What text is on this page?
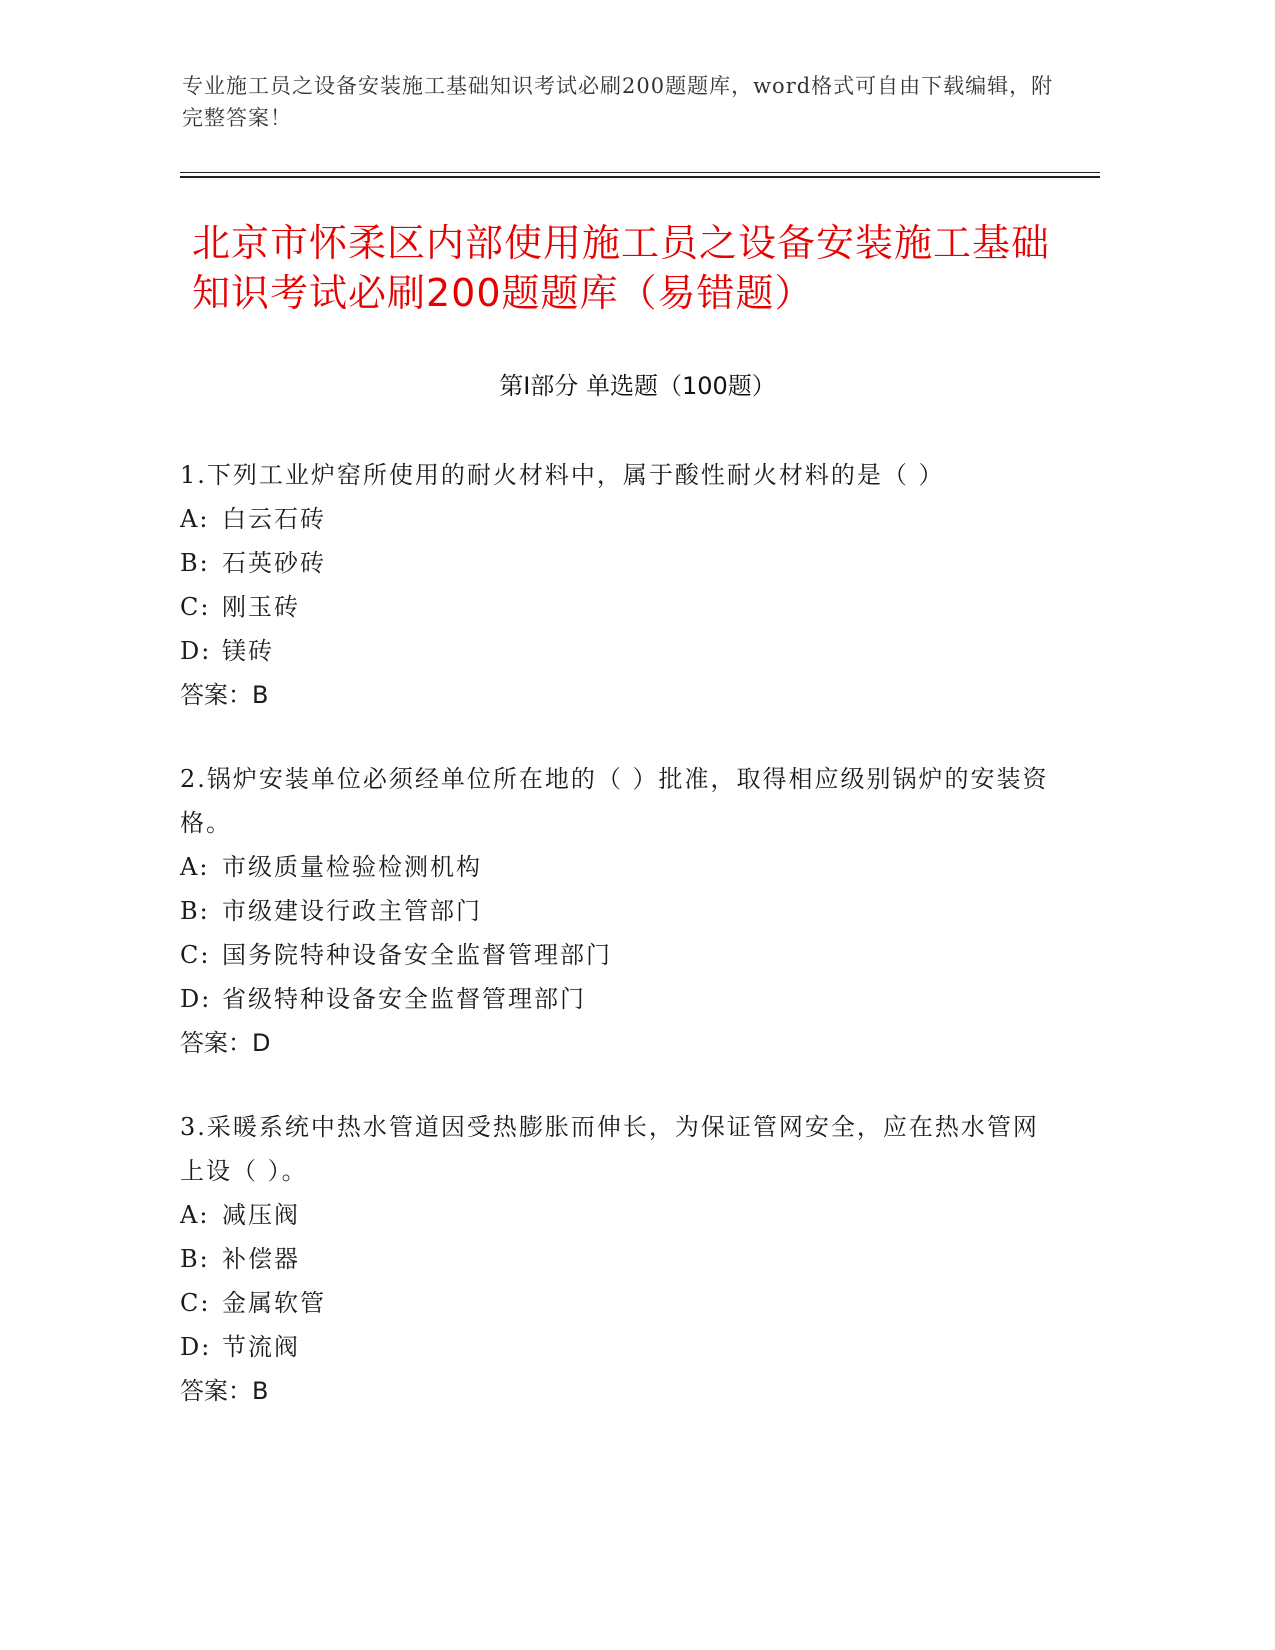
专业施工员之设备安装施工基础知识考试必刷200题题库，word格式可自由下载编辑，附完整答案！
北京市怀柔区内部使用施工员之设备安装施工基础知识考试必刷200题题库（易错题）
第Ⅰ部分 单选题（100题）
1.下列工业炉窑所使用的耐火材料中，属于酸性耐火材料的是（ ）
A: 白云石砖
B: 石英砂砖
C: 刚玉砖
D: 镁砖
答案：B
2.锅炉安装单位必须经单位所在地的（ ）批准，取得相应级别锅炉的安装资格。
A: 市级质量检验检测机构
B: 市级建设行政主管部门
C: 国务院特种设备安全监督管理部门
D: 省级特种设备安全监督管理部门
答案：D
3.采暖系统中热水管道因受热膨胀而伸长，为保证管网安全，应在热水管网上设（ ）。
A: 减压阀
B: 补偿器
C: 金属软管
D: 节流阀
答案：B
